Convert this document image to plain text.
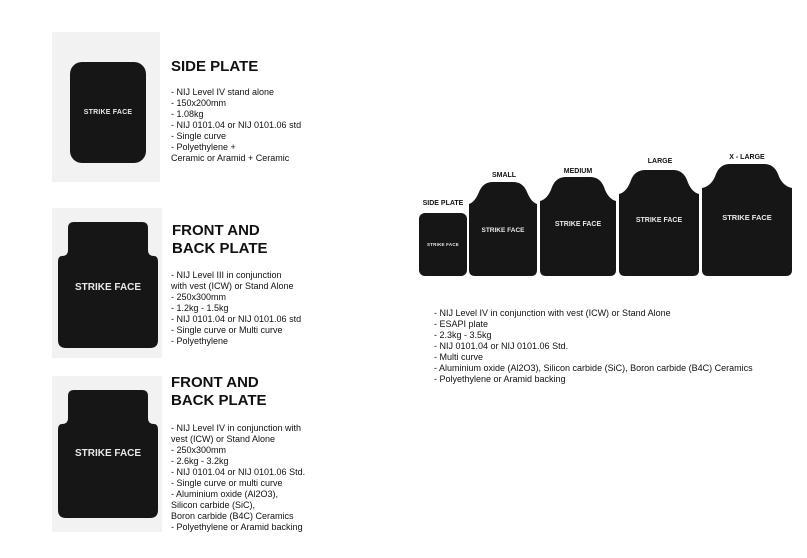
STRIKE FACE
SIDE PLATE
- NIJ Level IV stand alone
- 150x200mm
- 1.08kg
- NIJ 0101.04 or NIJ 0101.06 std
- Single curve
- Polyethylene +
Ceramic or Aramid + Ceramic
STRIKE FACE
FRONT AND
BACK PLATE
- NIJ Level III in conjunction
with vest (ICW) or Stand Alone
- 250x300mm
- 1.2kg - 1.5kg
- NIJ 0101.04 or NIJ 0101.06 std
- Single curve or Multi curve
- Polyethylene
STRIKE FACE
FRONT AND
BACK PLATE
- NIJ Level IV in conjunction with
vest (ICW) or Stand Alone
- 250x300mm
- 2.6kg - 3.2kg
- NIJ 0101.04 or NIJ 0101.06 Std.
- Single curve or multi curve
- Aluminium oxide (Al2O3),
Silicon carbide (SiC),
Boron carbide (B4C) Ceramics
- Polyethylene or Aramid backing
SIDE PLATE
SMALL
MEDIUM
LARGE
X - LARGE
STRIKE FACE
STRIKE FACE
STRIKE FACE
STRIKE FACE	STRIKE FACE
- NIJ Level IV in conjunction with vest (ICW) or Stand Alone
- ESAPI plate
- 2.3kg - 3.5kg
- NIJ 0101.04 or NIJ 0101.06 Std.
- Multi curve
- Aluminium oxide (Al2O3), Silicon carbide (SiC), Boron carbide (B4C) Ceramics
- Polyethylene or Aramid backing
